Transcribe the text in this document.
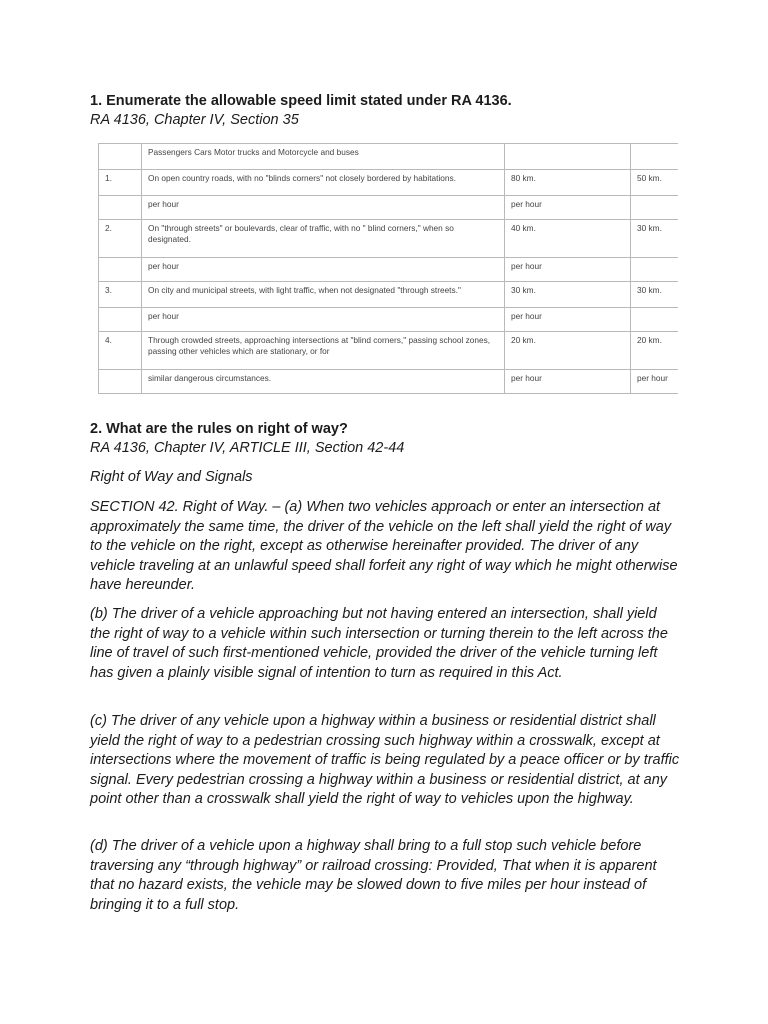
1. Enumerate the allowable speed limit stated under RA 4136.
RA 4136, Chapter IV, Section 35
	Passengers Cars Motor trucks and Motorcycle and buses		
1.	On open country roads, with no "blinds corners" not closely bordered by habitations.	80 km.	50 km.
	per hour	per hour	
2.	On "through streets" or boulevards, clear of traffic, with no " blind corners," when so designated.	40 km.	30 km.
	per hour	per hour	
3.	On city and municipal streets, with light traffic, when not designated "through streets."	30 km.	30 km.
	per hour	per hour	
4.	Through crowded streets, approaching intersections at "blind corners," passing school zones, passing other vehicles which are stationary, or for	20 km.	20 km.
	similar dangerous circumstances.	per hour	per hour
2. What are the rules on right of way?
RA 4136, Chapter IV, ARTICLE III, Section 42-44
Right of Way and Signals

SECTION 42. Right of Way. – (a) When two vehicles approach or enter an intersection at approximately the same time, the driver of the vehicle on the left shall yield the right of way to the vehicle on the right, except as otherwise hereinafter provided. The driver of any vehicle traveling at an unlawful speed shall forfeit any right of way which he might otherwise have hereunder.

(b) The driver of a vehicle approaching but not having entered an intersection, shall yield the right of way to a vehicle within such intersection or turning therein to the left across the line of travel of such first-mentioned vehicle, provided the driver of the vehicle turning left has given a plainly visible signal of intention to turn as required in this Act.

(c) The driver of any vehicle upon a highway within a business or residential district shall yield the right of way to a pedestrian crossing such highway within a crosswalk, except at intersections where the movement of traffic is being regulated by a peace officer or by traffic signal. Every pedestrian crossing a highway within a business or residential district, at any point other than a crosswalk shall yield the right of way to vehicles upon the highway.

(d) The driver of a vehicle upon a highway shall bring to a full stop such vehicle before traversing any “through highway” or railroad crossing: Provided, That when it is apparent that no hazard exists, the vehicle may be slowed down to five miles per hour instead of bringing it to a full stop.
